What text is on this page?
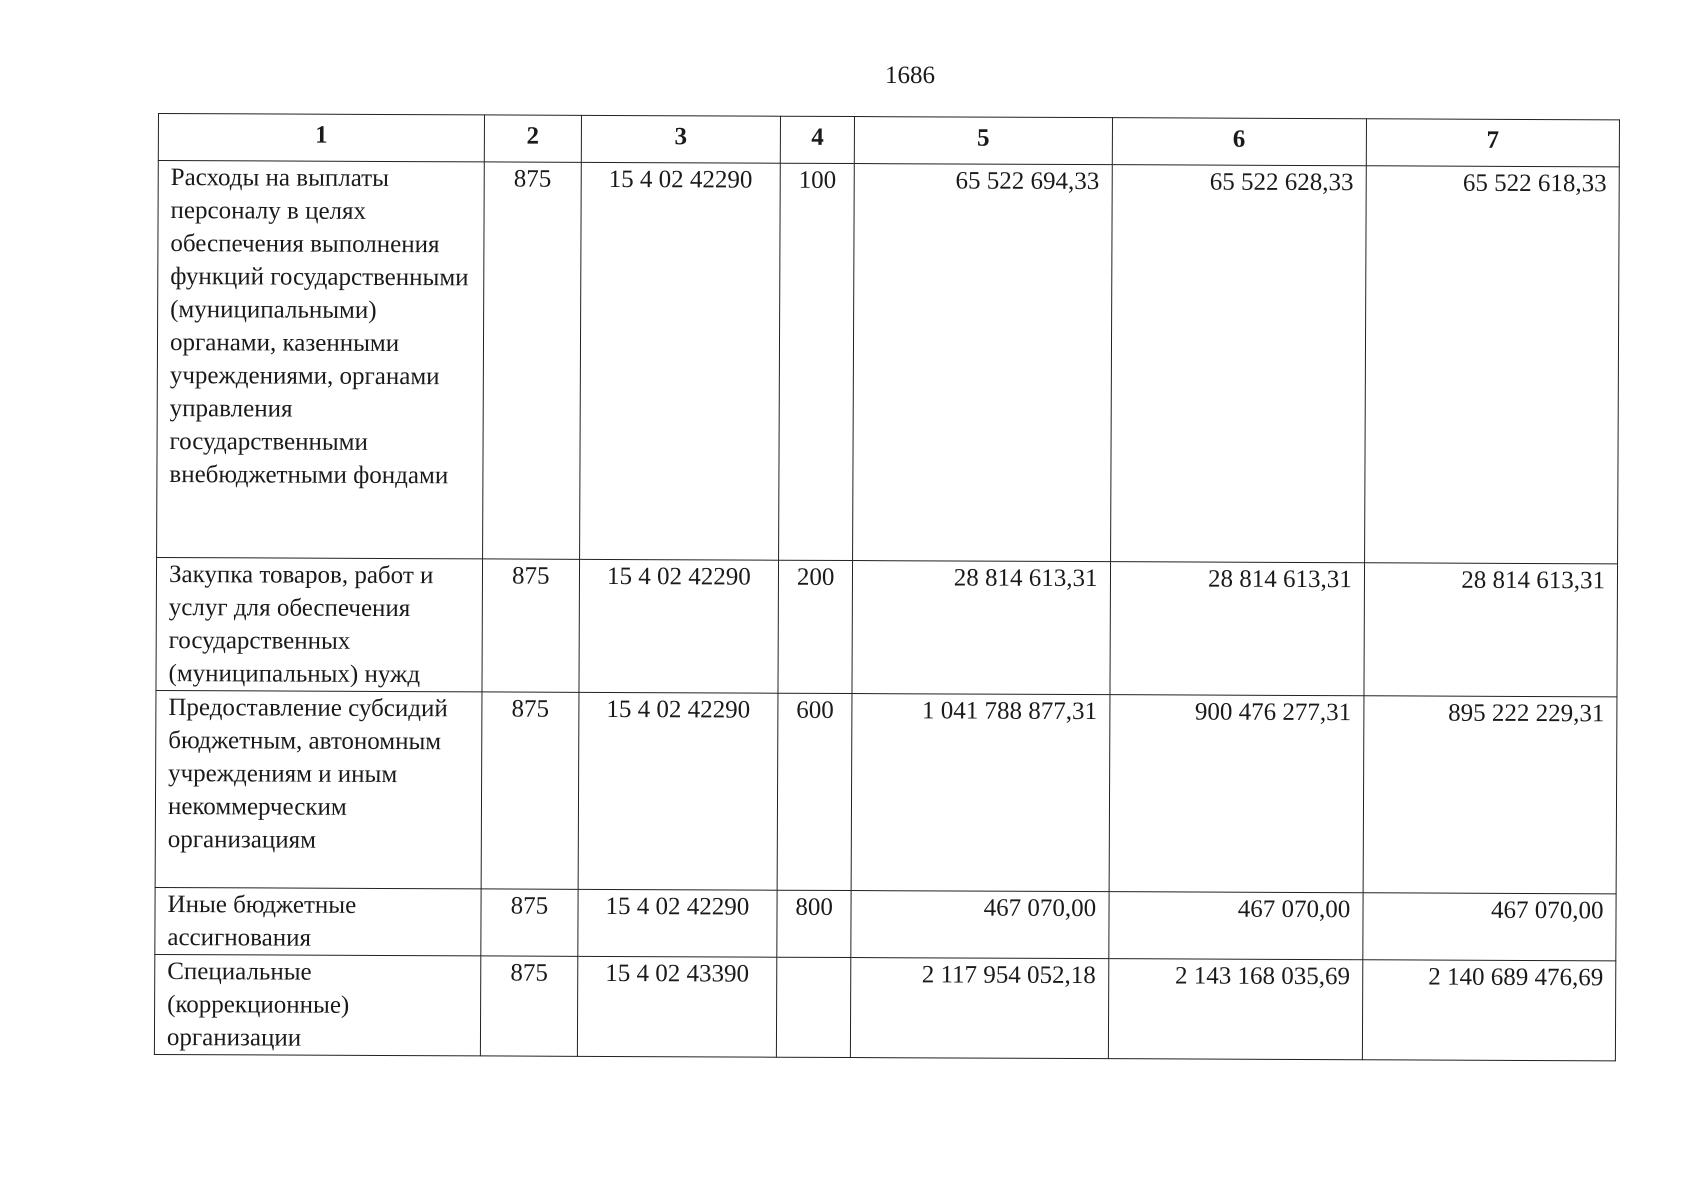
1686
1	2	3	4	5	6	7
Расходы на выплаты персоналу в целях обеспечения выполнения функций государственными (муниципальными) органами, казенными учреждениями, органами управления государственными внебюджетными фондами	875	15 4 02 42290	100	65 522 694,33	65 522 628,33	65 522 618,33
Закупка товаров, работ и услуг для обеспечения государственных (муниципальных) нужд	875	15 4 02 42290	200	28 814 613,31	28 814 613,31	28 814 613,31
Предоставление субсидий бюджетным, автономным учреждениям и иным некоммерческим организациям	875	15 4 02 42290	600	1 041 788 877,31	900 476 277,31	895 222 229,31
Иные бюджетные ассигнования	875	15 4 02 42290	800	467 070,00	467 070,00	467 070,00
Специальные (коррекционные) организации	875	15 4 02 43390		2 117 954 052,18	2 143 168 035,69	2 140 689 476,69
